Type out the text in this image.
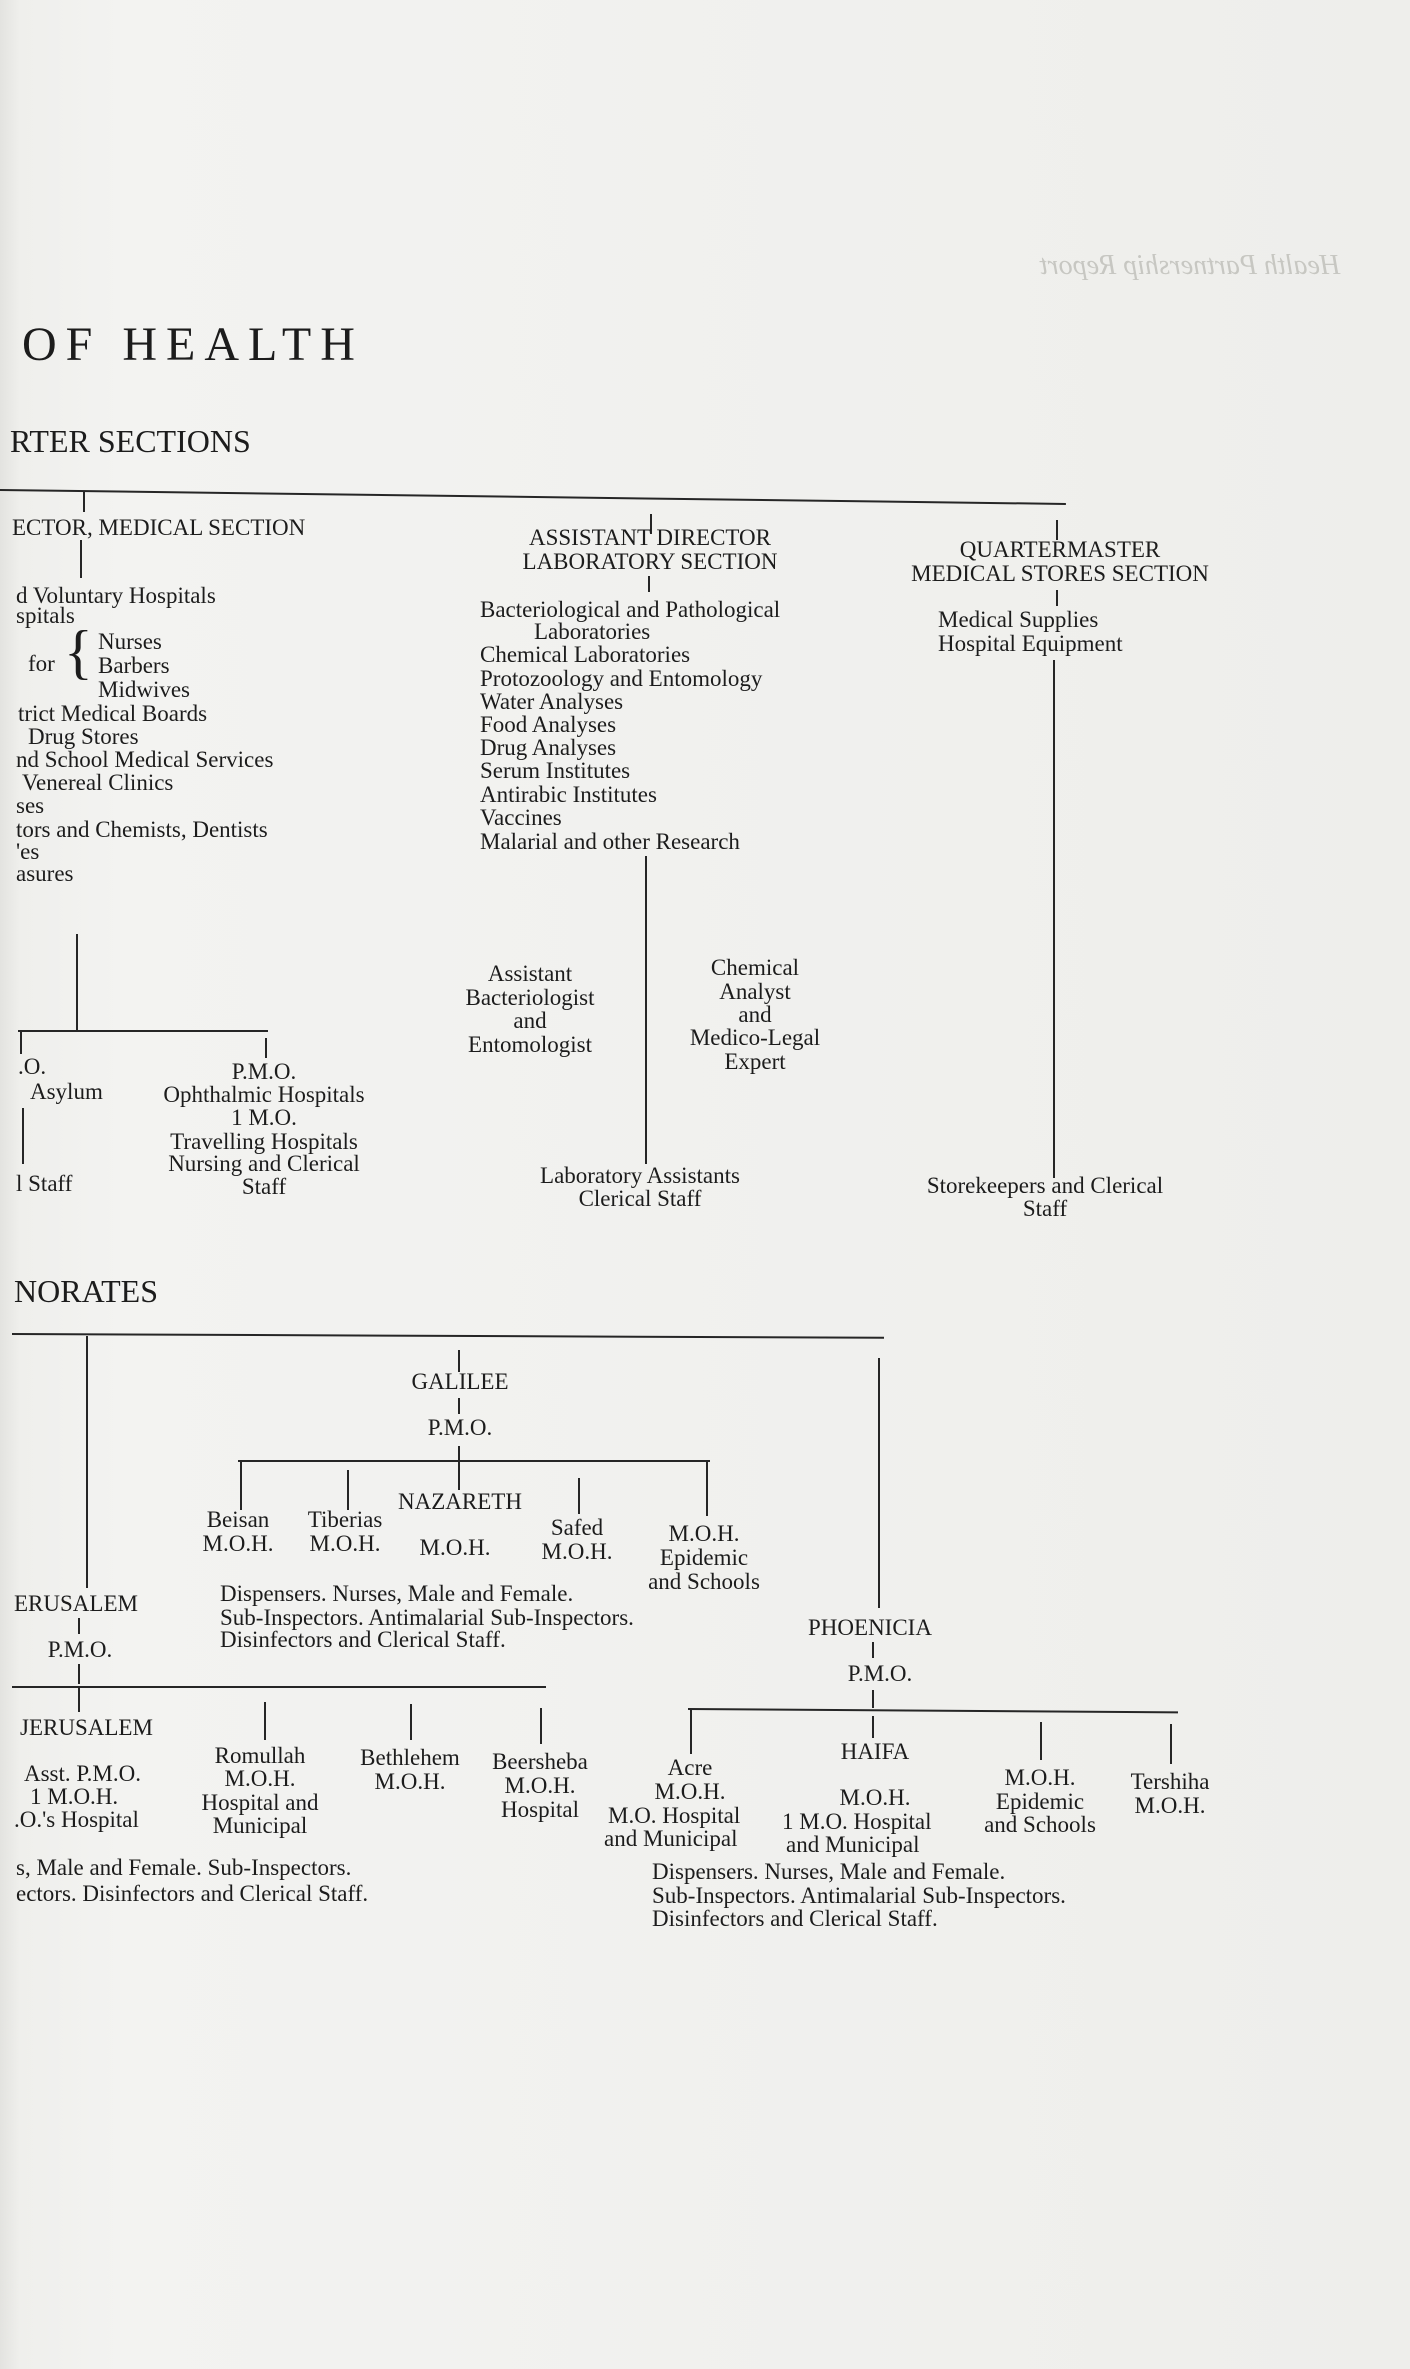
Health Partnership Report
OF HEALTH
RTER SECTIONS
ECTOR, MEDICAL SECTION
d Voluntary Hospitals
spitals
for { Nurses
Barbers
Midwives
trict Medical Boards
Drug Stores
nd School Medical Services
Venereal Clinics
ses
tors and Chemists, Dentists
'es
asures
.O.
Asylum
l Staff
P.M.O.
Ophthalmic Hospitals
1 M.O.
Travelling Hospitals
Nursing and Clerical
Staff
ASSISTANT DIRECTOR
LABORATORY SECTION
Bacteriological and Pathological
Laboratories
Chemical Laboratories
Protozoology and Entomology
Water Analyses
Food Analyses
Drug Analyses
Serum Institutes
Antirabic Institutes
Vaccines
Malarial and other Research
Assistant
Bacteriologist
and
Entomologist
Chemical
Analyst
and
Medico-Legal
Expert
Laboratory Assistants
Clerical Staff
QUARTERMASTER
MEDICAL STORES SECTION
Medical Supplies
Hospital Equipment
Storekeepers and Clerical
Staff
NORATES
GALILEE
P.M.O.
NAZARETH
Beisan
M.O.H.
Tiberias
M.O.H.	M.O.H.
Safed
M.O.H.
M.O.H.
Epidemic
and Schools
Dispensers. Nurses, Male and Female.
Sub-Inspectors. Antimalarial Sub-Inspectors.
Disinfectors and Clerical Staff.
ERUSALEM
P.M.O.
JERUSALEM
Asst. P.M.O.
1 M.O.H.
.O.'s Hospital
Romullah
M.O.H.
Hospital and
Municipal
Bethlehem
M.O.H.
Beersheba
M.O.H.
Hospital
s, Male and Female. Sub-Inspectors.
ectors. Disinfectors and Clerical Staff.
PHOENICIA
P.M.O.
Acre
M.O.H.
M.O. Hospital
and Municipal
HAIFA
M.O.H.
1 M.O. Hospital
and Municipal
M.O.H.
Epidemic
and Schools
Tershiha
M.O.H.
Dispensers. Nurses, Male and Female.
Sub-Inspectors. Antimalarial Sub-Inspectors.
Disinfectors and Clerical Staff.
